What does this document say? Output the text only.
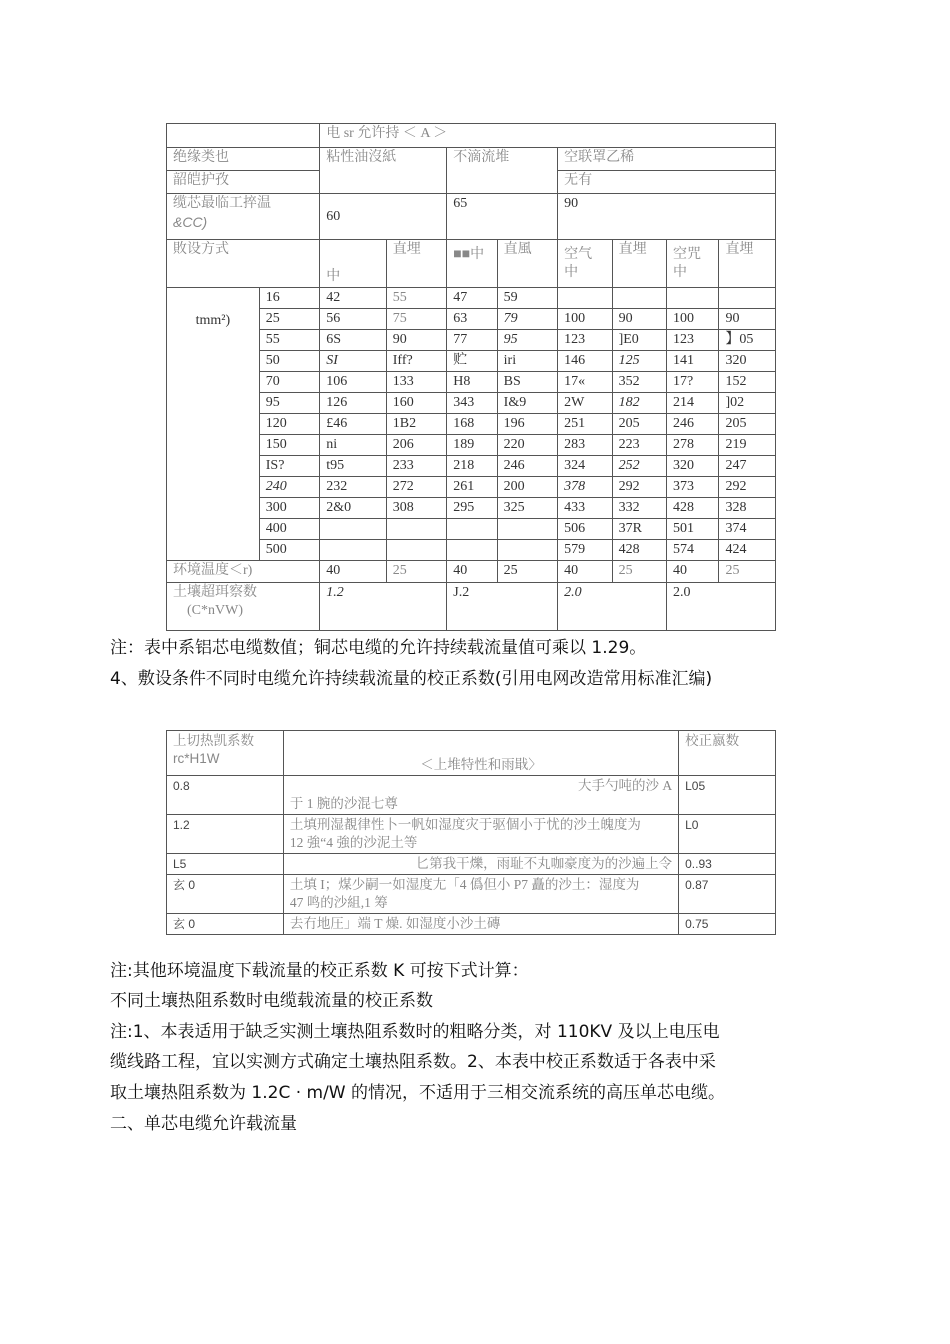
		电 sr 允许持 ＜ A ＞							
绝缘类也		粘性油沒紙		不滴流堆		空联罩乙稀			
韶皑护孜						无有			

缆芯最临工捽温
&CC)		60		65		90			
敗设方式		中	直埋	■■中	直風	空气中	直埋	空咒中	直埋
tmm²)	16	42	55	47	59				
	25	56	75	63	79	100	90	100	90
	55	6S	90	77	95	123	]E0	123	】05
	50	SI	Iff?	贮	iri	146	125	141	320
	70	106	133	H8	BS	17«	352	17?	152
	95	126	160	343	I&9	2W	182	214	]02
	120	£46	1B2	168	196	251	205	246	205
	150	ni	206	189	220	283	223	278	219
	IS?	t95	233	218	246	324	252	320	247
	240	232	272	261	200	378	292	373	292
	300	2&0	308	295	325	433	332	428	328
	400					506	37R	501	374
	500					579	428	574	424
环境温度＜r)		40	25	40	25	40	25	40	25

土壤超珥察数
(C*nVW)		1.2		J.2		2.0		2.0	
注：表中系铝芯电缆数值；铜芯电缆的允许持续载流量值可乘以 1.29。
4、敷设条件不同时电缆允许持续载流量的校正系数(引用电网改造常用标准汇编)
上切热凯系数
rc*H1W	＜上堆特性和雨戢〉	校正嬴数
0.8	大手勺吨的沙 A
于 1 腕的沙混七尊	L05
1.2	土填刑湿覩律性卜一帆如湿度灾于驱個小于忧的沙土魄度为
12 強“4 強的沙泥土等	L0
L5	匕第我干爍，雨耻不丸咖豪度为的沙遍上令	0..93
玄 0	土填 I；煤少嗣一如湿度尢「4 僞但小 P7 矗的沙土：湿度为
47 鸣的沙組,1 筹	0.87
玄 0	去冇地圧」端 T 燥. 如湿度小沙土磚	0.75
注:其他环境温度下载流量的校正系数 K 可按下式计算：
不同土壤热阻系数时电缆载流量的校正系数
注:1、本表适用于缺乏实测土壤热阻系数时的粗略分类，对 110KV 及以上电压电
缆线路工程，宜以实测方式确定土壤热阻系数。2、本表中校正系数适于各表中采
取土壤热阻系数为 1.2C · m/W 的情况，不适用于三相交流系统的高压单芯电缆。
二、单芯电缆允许载流量
